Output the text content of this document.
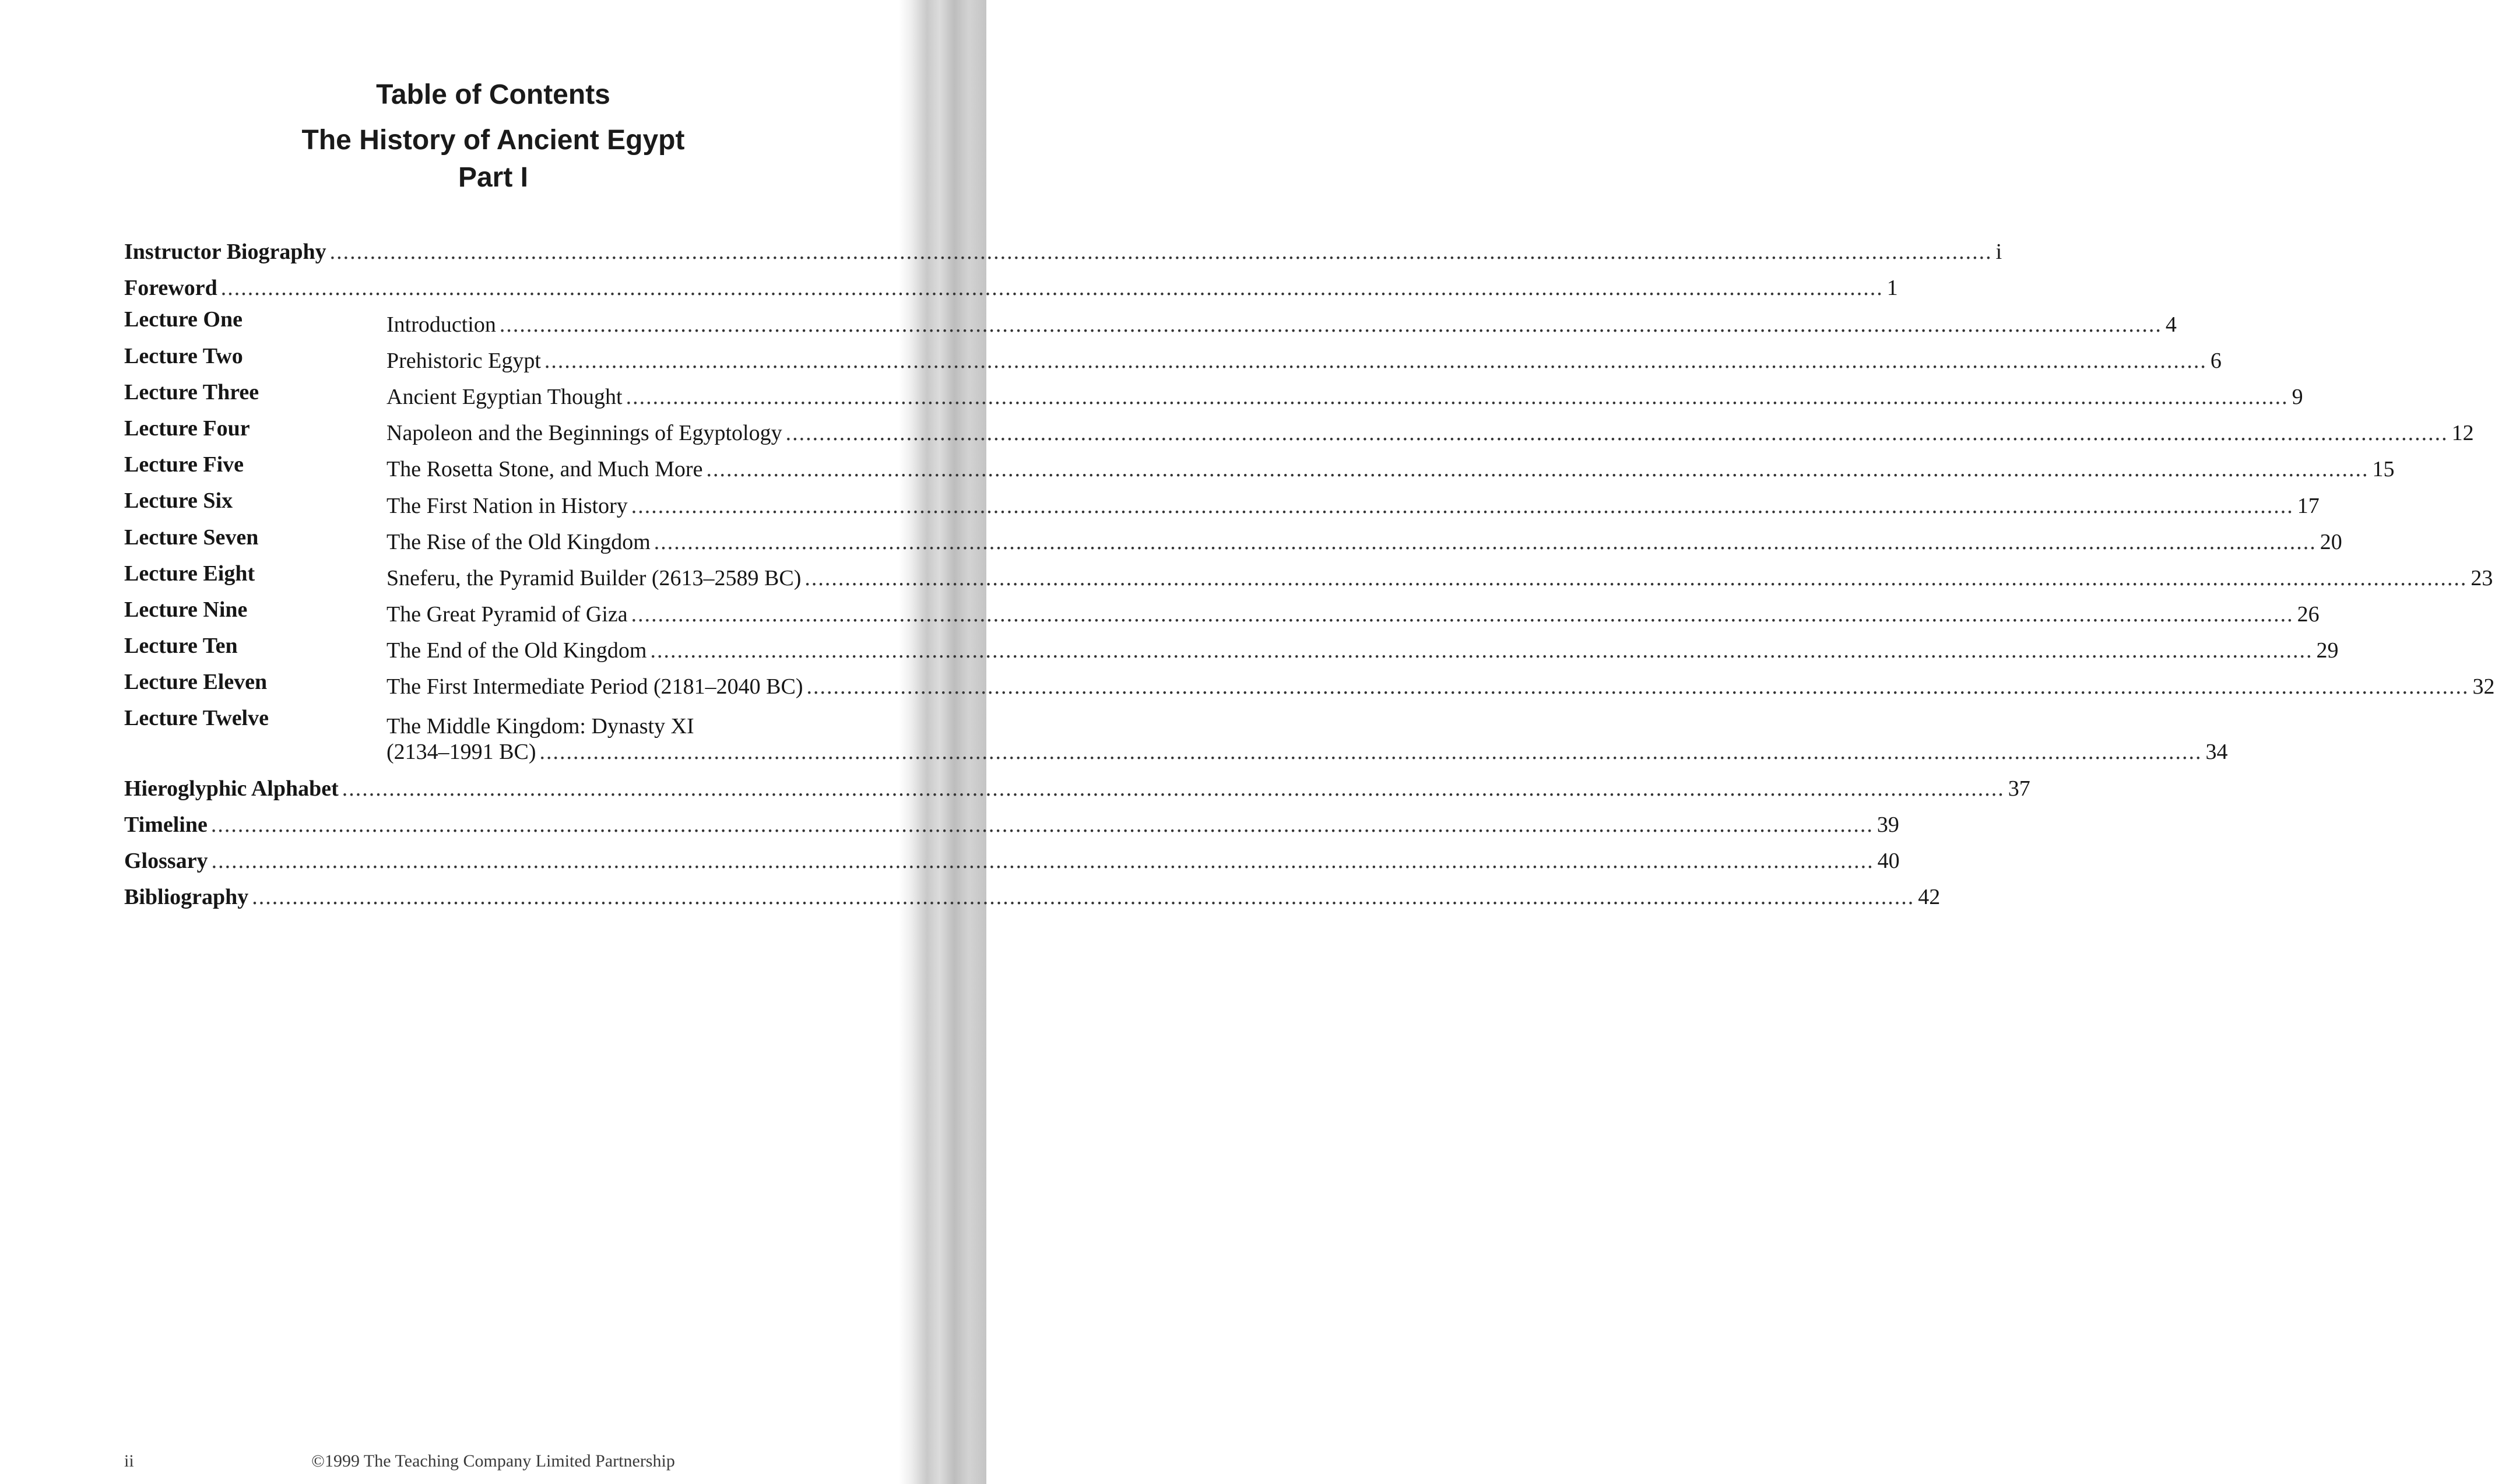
Table of Contents
The History of Ancient Egypt
Part I
Instructor Biography .....	i
Foreword .....	1
Lecture One	Introduction .....	4
Lecture Two	Prehistoric Egypt .....	6
Lecture Three	Ancient Egyptian Thought .....	9
Lecture Four	Napoleon and the Beginnings of Egyptology .....	12
Lecture Five	The Rosetta Stone, and Much More .....	15
Lecture Six	The First Nation in History .....	17
Lecture Seven	The Rise of the Old Kingdom .....	20
Lecture Eight	Sneferu, the Pyramid Builder (2613–2589 BC) .....	23
Lecture Nine	The Great Pyramid of Giza .....	26
Lecture Ten	The End of the Old Kingdom .....	29
Lecture Eleven	The First Intermediate Period (2181–2040 BC) .....	32
Lecture Twelve	The Middle Kingdom: Dynasty XI
(2134–1991 BC) .....	34
Hieroglyphic Alphabet .....	37
Timeline .....	39
Glossary .....	40
Bibliography .....	42
ii	©1999 The Teaching Company Limited Partnership
